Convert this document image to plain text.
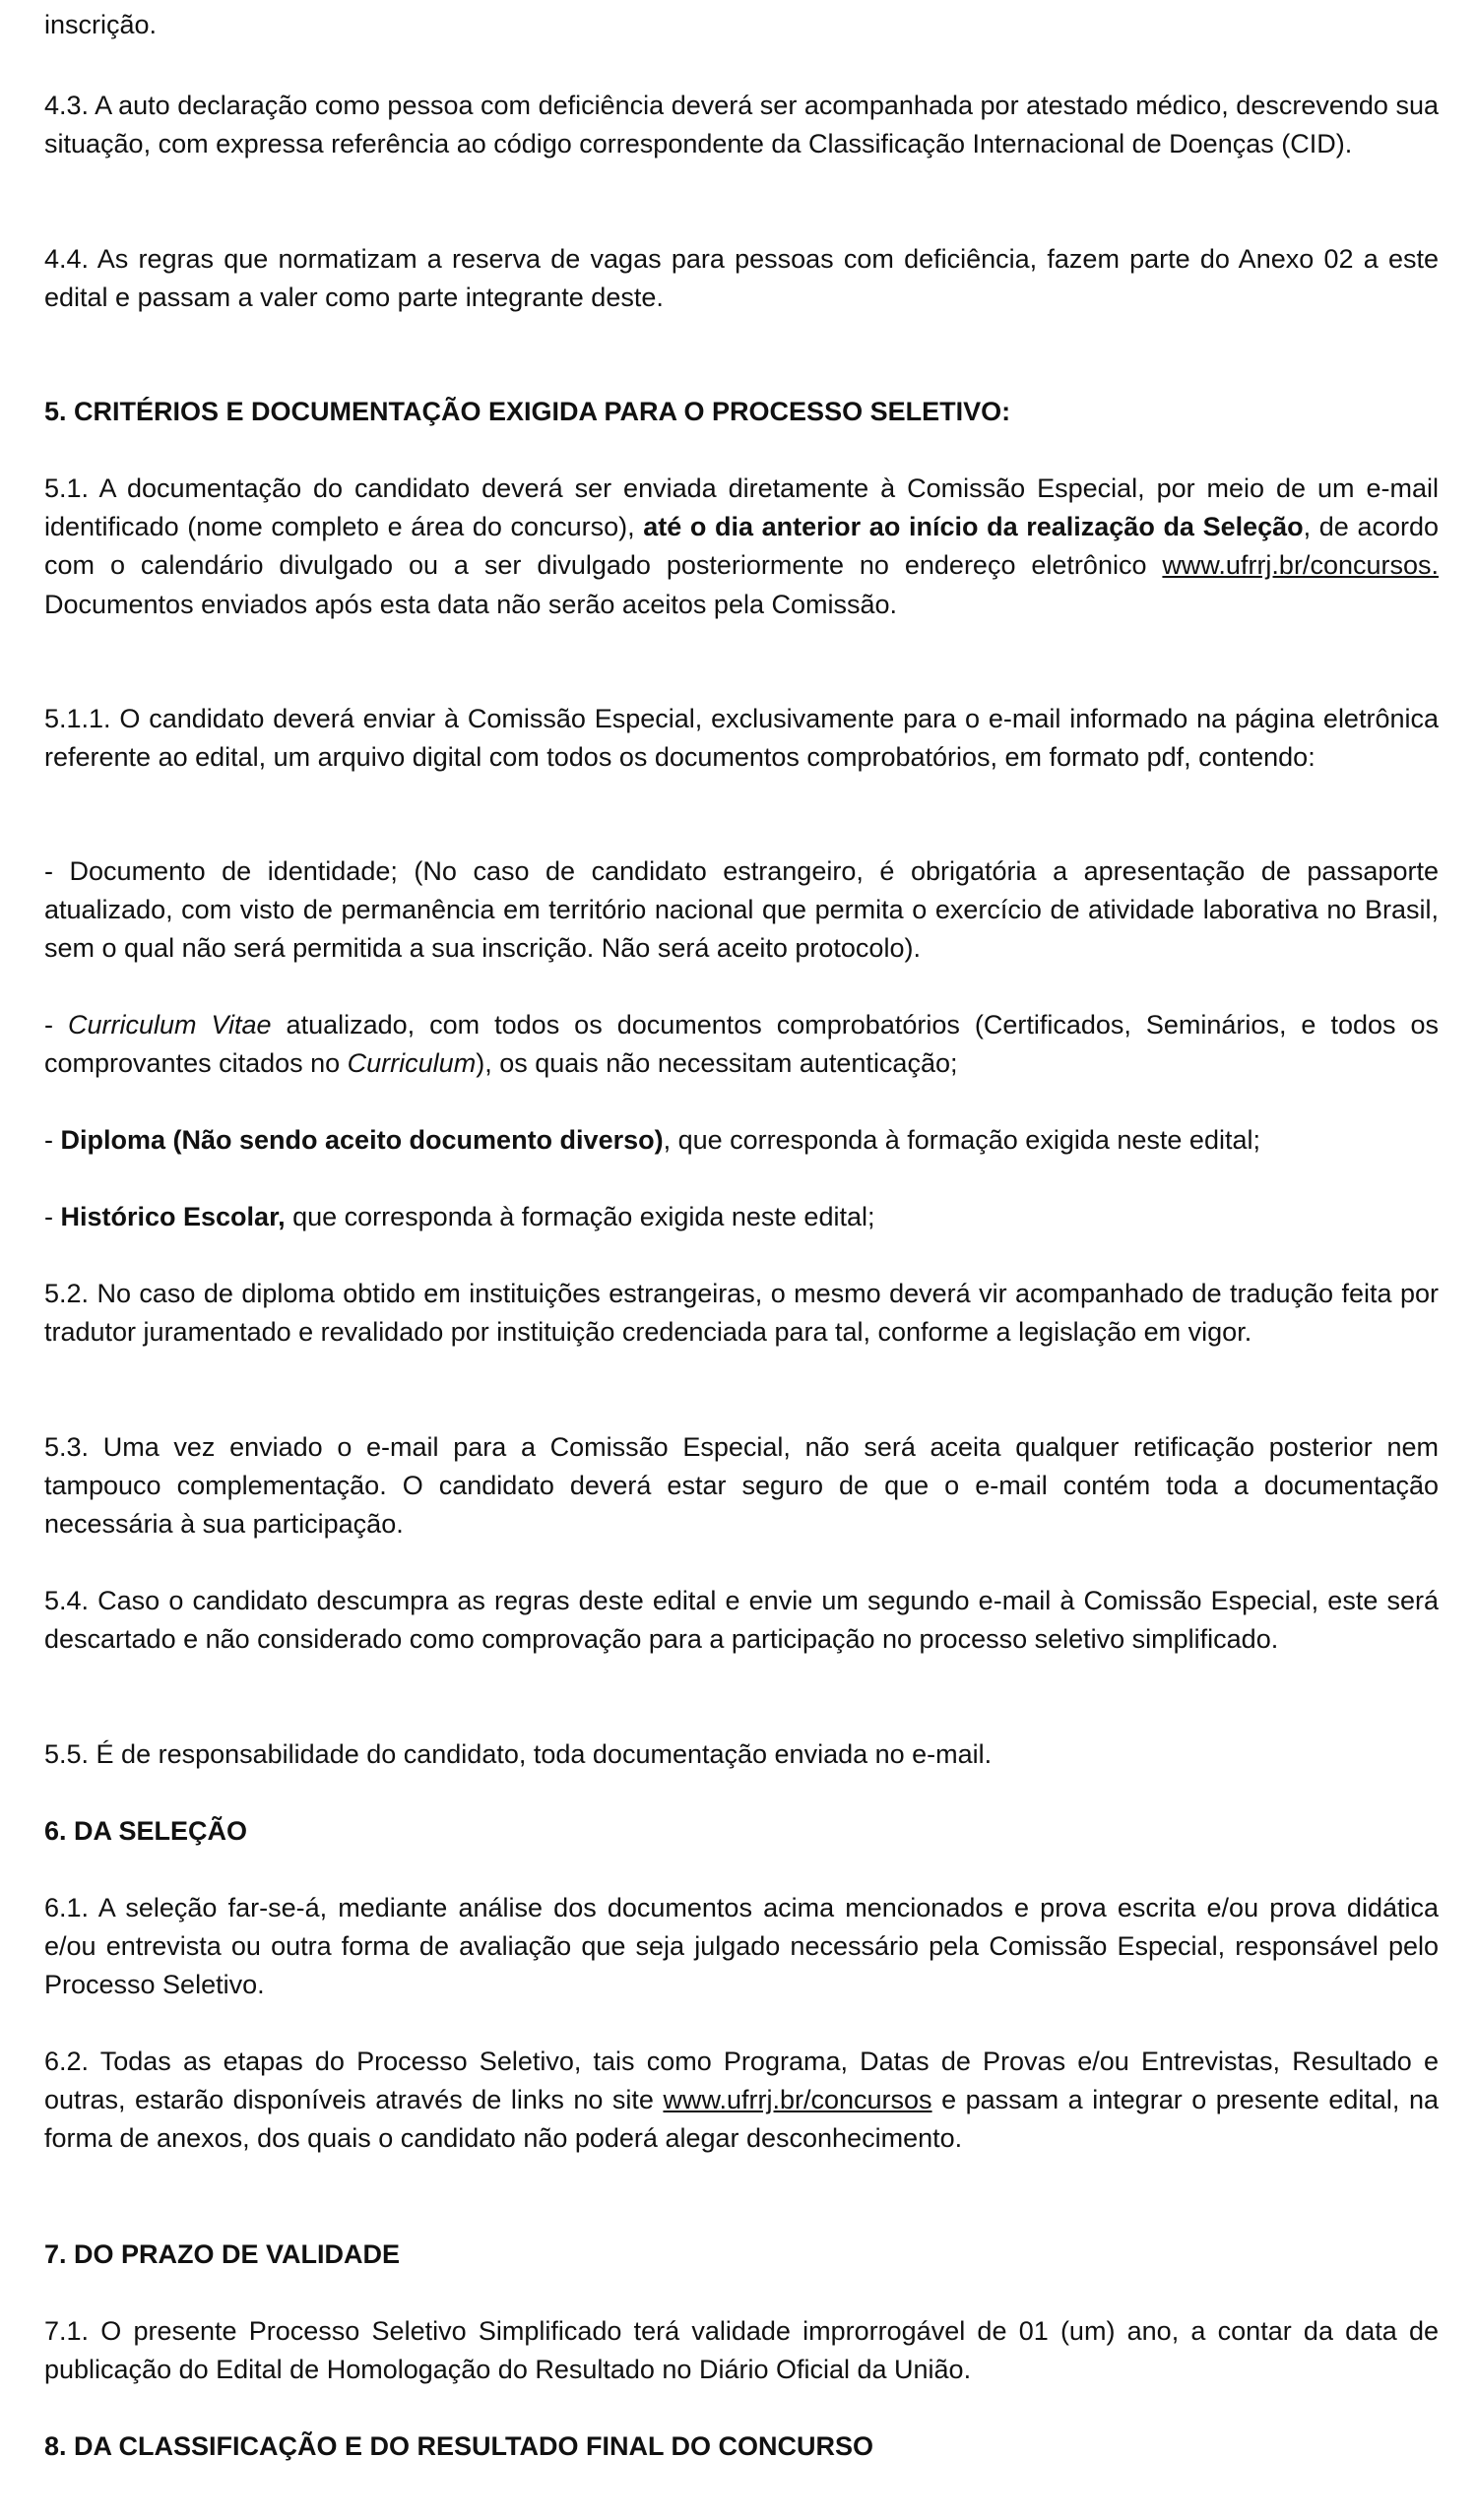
inscrição.

4.3. A auto declaração como pessoa com deficiência deverá ser acompanhada por atestado médico, descrevendo sua situação, com expressa referência ao código correspondente da Classificação Internacional de Doenças (CID).

4.4. As regras que normatizam a reserva de vagas para pessoas com deficiência, fazem parte do Anexo 02 a este edital e passam a valer como parte integrante deste.

5. CRITÉRIOS E DOCUMENTAÇÃO EXIGIDA PARA O PROCESSO SELETIVO:

5.1. A documentação do candidato deverá ser enviada diretamente à Comissão Especial, por meio de um e-mail identificado (nome completo e área do concurso), até o dia anterior ao início da realização da Seleção, de acordo com o calendário divulgado ou a ser divulgado posteriormente no endereço eletrônico www.ufrrj.br/concursos. Documentos enviados após esta data não serão aceitos pela Comissão.

5.1.1. O candidato deverá enviar à Comissão Especial, exclusivamente para o e-mail informado na página eletrônica referente ao edital, um arquivo digital com todos os documentos comprobatórios, em formato pdf, contendo:

- Documento de identidade; (No caso de candidato estrangeiro, é obrigatória a apresentação de passaporte atualizado, com visto de permanência em território nacional que permita o exercício de atividade laborativa no Brasil, sem o qual não será permitida a sua inscrição. Não será aceito protocolo).

- Curriculum Vitae atualizado, com todos os documentos comprobatórios (Certificados, Seminários, e todos os comprovantes citados no Curriculum), os quais não necessitam autenticação;

- Diploma (Não sendo aceito documento diverso), que corresponda à formação exigida neste edital;

- Histórico Escolar, que corresponda à formação exigida neste edital;

5.2. No caso de diploma obtido em instituições estrangeiras, o mesmo deverá vir acompanhado de tradução feita por tradutor juramentado e revalidado por instituição credenciada para tal, conforme a legislação em vigor.

5.3. Uma vez enviado o e-mail para a Comissão Especial, não será aceita qualquer retificação posterior nem tampouco complementação. O candidato deverá estar seguro de que o e-mail contém toda a documentação necessária à sua participação.

5.4. Caso o candidato descumpra as regras deste edital e envie um segundo e-mail à Comissão Especial, este será descartado e não considerado como comprovação para a participação no processo seletivo simplificado.

5.5. É de responsabilidade do candidato, toda documentação enviada no e-mail.

6. DA SELEÇÃO

6.1. A seleção far-se-á, mediante análise dos documentos acima mencionados e prova escrita e/ou prova didática e/ou entrevista ou outra forma de avaliação que seja julgado necessário pela Comissão Especial, responsável pelo Processo Seletivo.

6.2. Todas as etapas do Processo Seletivo, tais como Programa, Datas de Provas e/ou Entrevistas, Resultado e outras, estarão disponíveis através de links no site www.ufrrj.br/concursos e passam a integrar o presente edital, na forma de anexos, dos quais o candidato não poderá alegar desconhecimento.

7. DO PRAZO DE VALIDADE

7.1. O presente Processo Seletivo Simplificado terá validade improrrogável de 01 (um) ano, a contar da data de publicação do Edital de Homologação do Resultado no Diário Oficial da União.

8. DA CLASSIFICAÇÃO E DO RESULTADO FINAL DO CONCURSO
